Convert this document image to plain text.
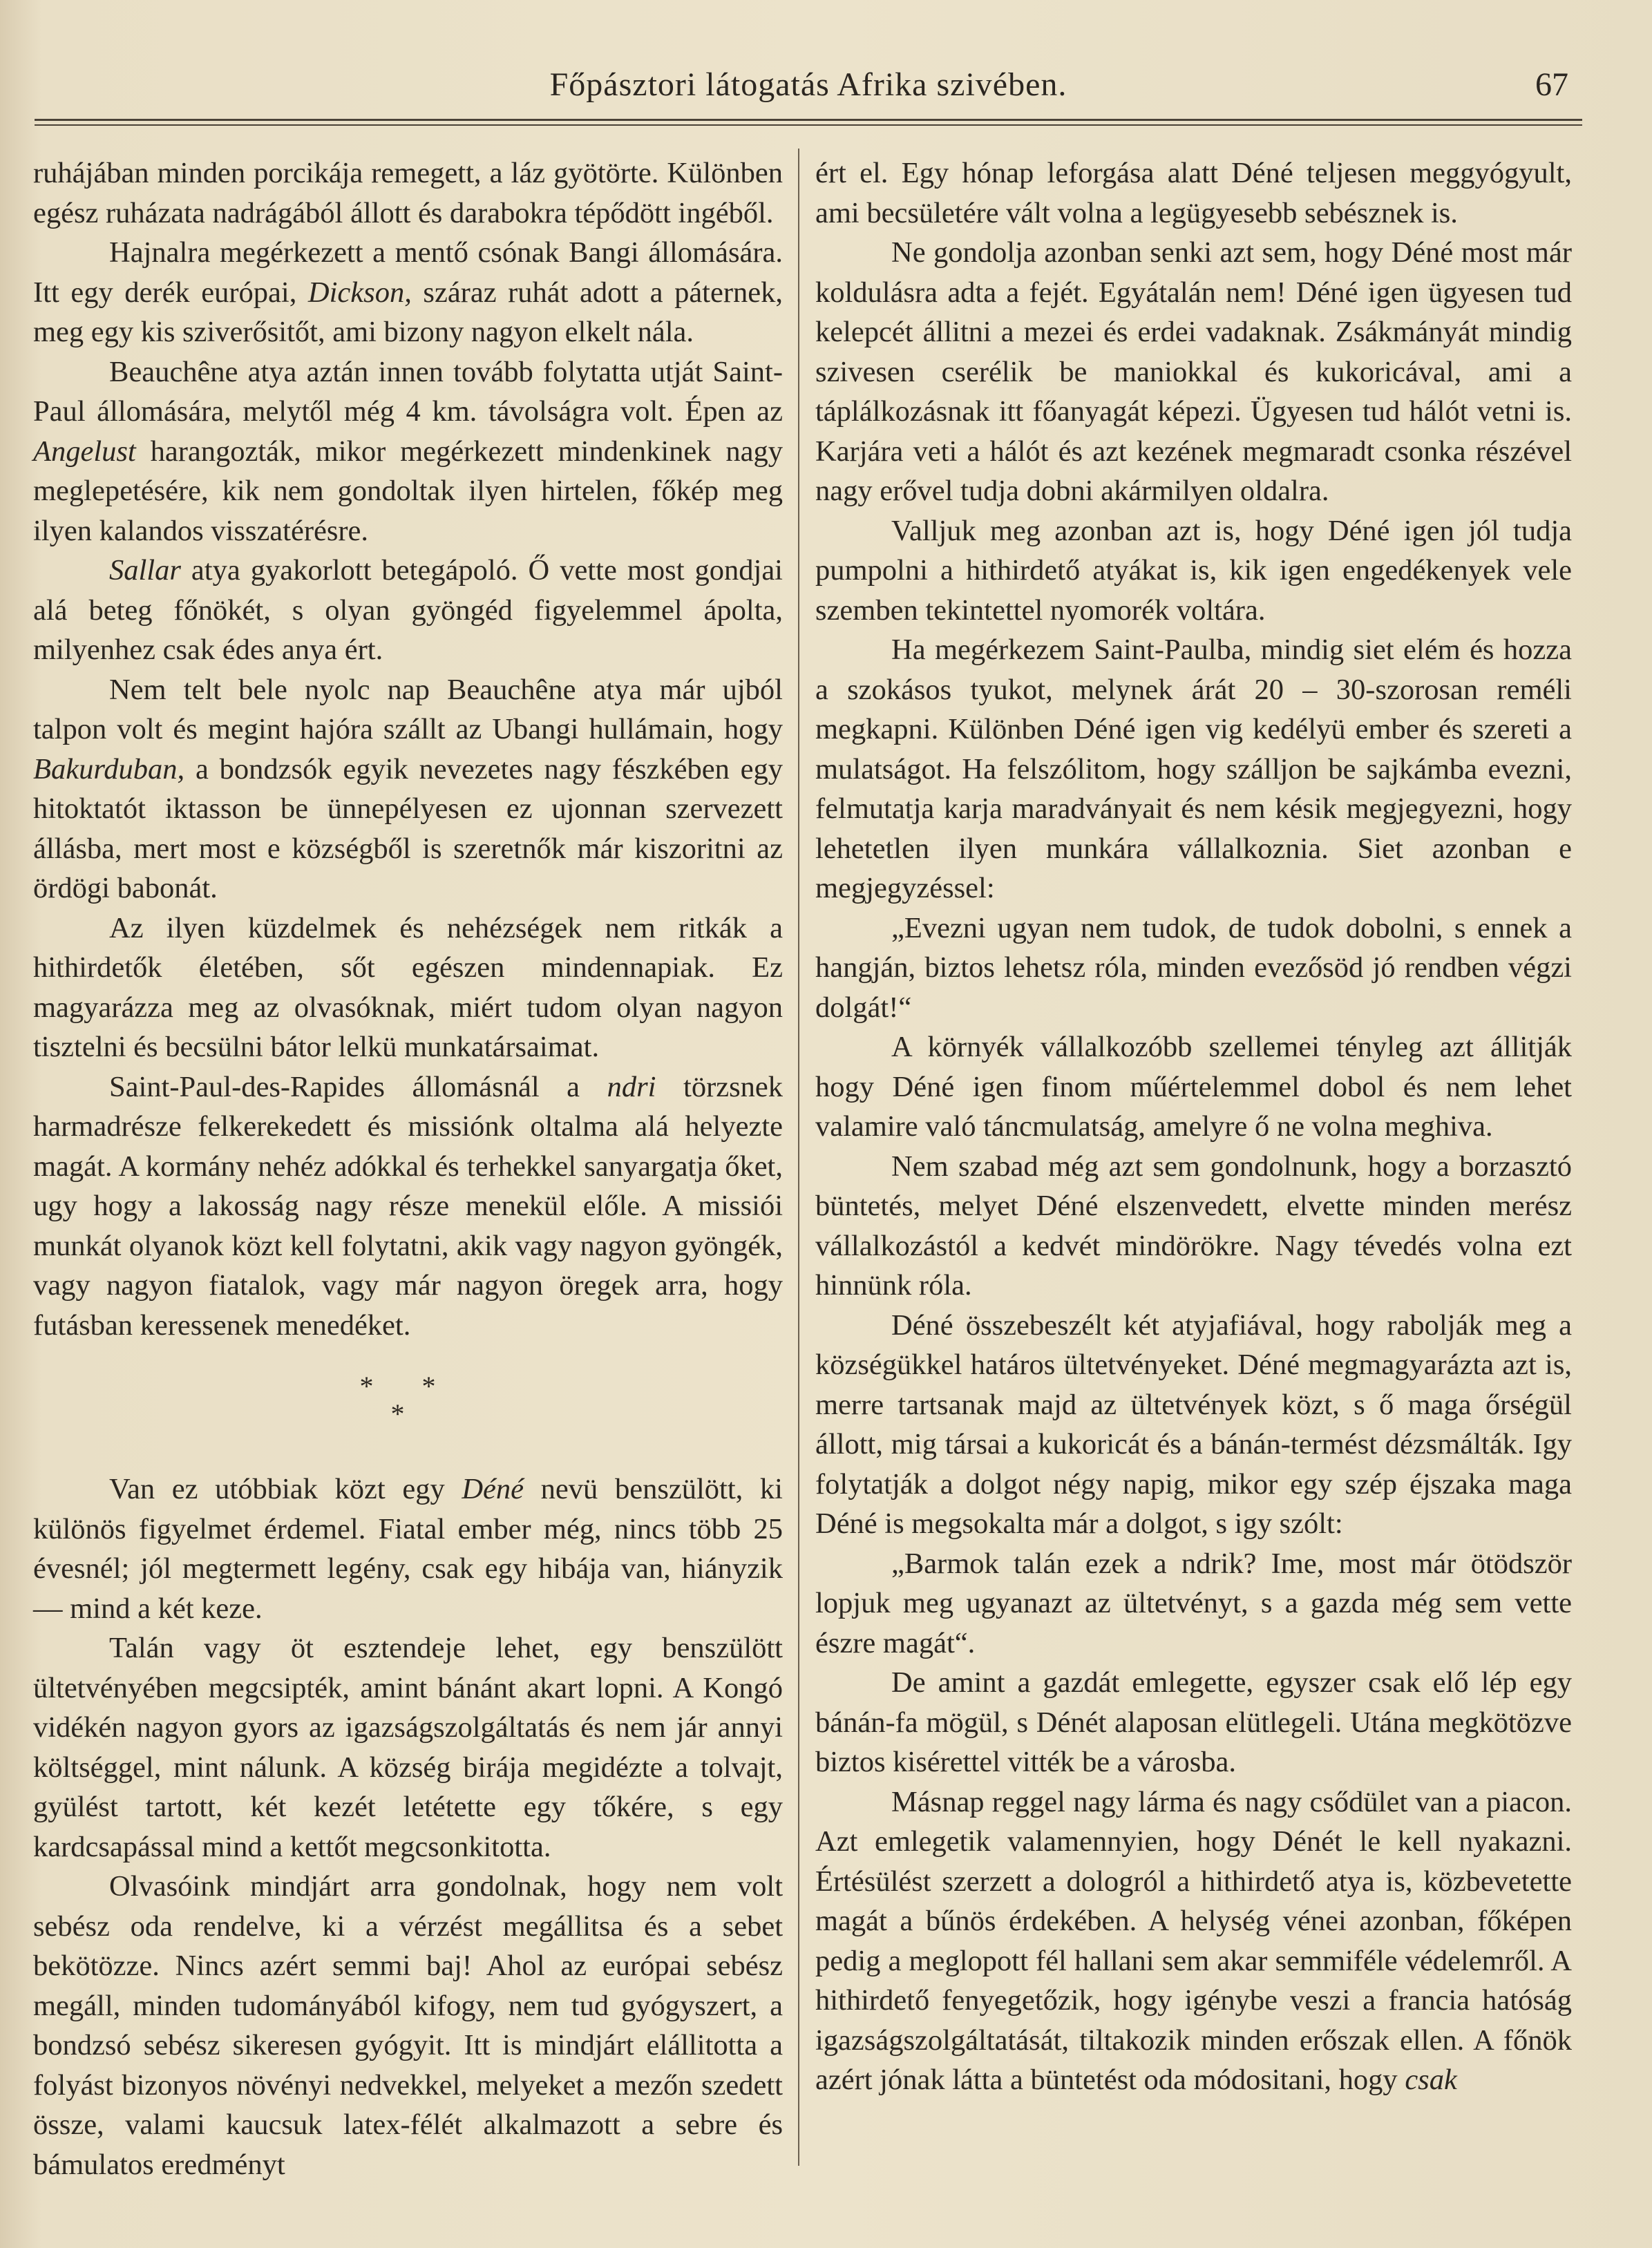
Főpásztori látogatás Afrika szivében.	67

ruhájában minden porcikája remegett, a láz gyötörte. Különben egész ruházata nadrágából állott és darabokra tépődött ingéből.

Hajnalra megérkezett a mentő csónak Bangi állomására. Itt egy derék európai, Dickson, száraz ruhát adott a páternek, meg egy kis sziverősitőt, ami bizony nagyon elkelt nála.

Beauchêne atya aztán innen tovább folytatta utját Saint-Paul állomására, melytől még 4 km. távolságra volt. Épen az Angelust harangozták, mikor megérkezett mindenkinek nagy meglepetésére, kik nem gondoltak ilyen hirtelen, főkép meg ilyen kalandos visszatérésre.

Sallar atya gyakorlott betegápoló. Ő vette most gondjai alá beteg főnökét, s olyan gyöngéd figyelemmel ápolta, milyenhez csak édes anya ért.

Nem telt bele nyolc nap Beauchêne atya már ujból talpon volt és megint hajóra szállt az Ubangi hullámain, hogy Bakurduban, a bondzsók egyik nevezetes nagy fészkében egy hitoktatót iktasson be ünnepélyesen ez ujonnan szervezett állásba, mert most e községből is szeretnők már kiszoritni az ördögi babonát.

Az ilyen küzdelmek és nehézségek nem ritkák a hithirdetők életében, sőt egészen mindennapiak. Ez magyarázza meg az olvasóknak, miért tudom olyan nagyon tisztelni és becsülni bátor lelkü munkatársaimat.

Saint-Paul-des-Rapides állomásnál a ndri törzsnek harmadrésze felkerekedett és missiónk oltalma alá helyezte magát. A kormány nehéz adókkal és terhekkel sanyargatja őket, ugy hogy a lakosság nagy része menekül előle. A missiói munkát olyanok közt kell folytatni, akik vagy nagyon gyöngék, vagy nagyon fiatalok, vagy már nagyon öregek arra, hogy futásban keressenek menedéket.

* *
*

Van ez utóbbiak közt egy Déné nevü benszülött, ki különös figyelmet érdemel. Fiatal ember még, nincs több 25 évesnél; jól megtermett legény, csak egy hibája van, hiányzik — mind a két keze.

Talán vagy öt esztendeje lehet, egy benszülött ültetvényében megcsipték, amint bánánt akart lopni. A Kongó vidékén nagyon gyors az igazságszolgáltatás és nem jár annyi költséggel, mint nálunk. A község birája megidézte a tolvajt, gyülést tartott, két kezét letétette egy tőkére, s egy kardcsapással mind a kettőt megcsonkitotta.

Olvasóink mindjárt arra gondolnak, hogy nem volt sebész oda rendelve, ki a vérzést megállitsa és a sebet bekötözze. Nincs azért semmi baj! Ahol az európai sebész megáll, minden tudományából kifogy, nem tud gyógyszert, a bondzsó sebész sikeresen gyógyit. Itt is mindjárt elállitotta a folyást bizonyos növényi nedvekkel, melyeket a mezőn szedett össze, valami kaucsuk latex-félét alkalmazott a sebre és bámulatos eredményt

ért el. Egy hónap leforgása alatt Déné teljesen meggyógyult, ami becsületére vált volna a legügyesebb sebésznek is.

Ne gondolja azonban senki azt sem, hogy Déné most már koldulásra adta a fejét. Egyátalán nem! Déné igen ügyesen tud kelepcét állitni a mezei és erdei vadaknak. Zsákmányát mindig szivesen cserélik be maniokkal és kukoricával, ami a táplálkozásnak itt főanyagát képezi. Ügyesen tud hálót vetni is. Karjára veti a hálót és azt kezének megmaradt csonka részével nagy erővel tudja dobni akármilyen oldalra.

Valljuk meg azonban azt is, hogy Déné igen jól tudja pumpolni a hithirdető atyákat is, kik igen engedékenyek vele szemben tekintettel nyomorék voltára.

Ha megérkezem Saint-Paulba, mindig siet elém és hozza a szokásos tyukot, melynek árát 20 – 30-szorosan reméli megkapni. Különben Déné igen vig kedélyü ember és szereti a mulatságot. Ha felszólitom, hogy szálljon be sajkámba evezni, felmutatja karja maradványait és nem késik megjegyezni, hogy lehetetlen ilyen munkára vállalkoznia. Siet azonban e megjegyzéssel:

„Evezni ugyan nem tudok, de tudok dobolni, s ennek a hangján, biztos lehetsz róla, minden evezősöd jó rendben végzi dolgát!“

A környék vállalkozóbb szellemei tényleg azt állitják hogy Déné igen finom műértelemmel dobol és nem lehet valamire való táncmulatság, amelyre ő ne volna meghiva.

Nem szabad még azt sem gondolnunk, hogy a borzasztó büntetés, melyet Déné elszenvedett, elvette minden merész vállalkozástól a kedvét mindörökre. Nagy tévedés volna ezt hinnünk róla.

Déné összebeszélt két atyjafiával, hogy rabolják meg a községükkel határos ültetvényeket. Déné megmagyarázta azt is, merre tartsanak majd az ültetvények közt, s ő maga őrségül állott, mig társai a kukoricát és a bánán-termést dézsmálták. Igy folytatják a dolgot négy napig, mikor egy szép éjszaka maga Déné is megsokalta már a dolgot, s igy szólt:

„Barmok talán ezek a ndrik? Ime, most már ötödször lopjuk meg ugyanazt az ültetvényt, s a gazda még sem vette észre magát“.

De amint a gazdát emlegette, egyszer csak elő lép egy bánán-fa mögül, s Dénét alaposan elütlegeli. Utána megkötözve biztos kisérettel vitték be a városba.

Másnap reggel nagy lárma és nagy csődület van a piacon. Azt emlegetik valamennyien, hogy Dénét le kell nyakazni. Értésülést szerzett a dologról a hithirdető atya is, közbevetette magát a bűnös érdekében. A helység vénei azonban, főképen pedig a meglopott fél hallani sem akar semmiféle védelemről. A hithirdető fenyegetőzik, hogy igénybe veszi a francia hatóság igazságszolgáltatását, tiltakozik minden erőszak ellen. A főnök azért jónak látta a büntetést oda módositani, hogy csak
